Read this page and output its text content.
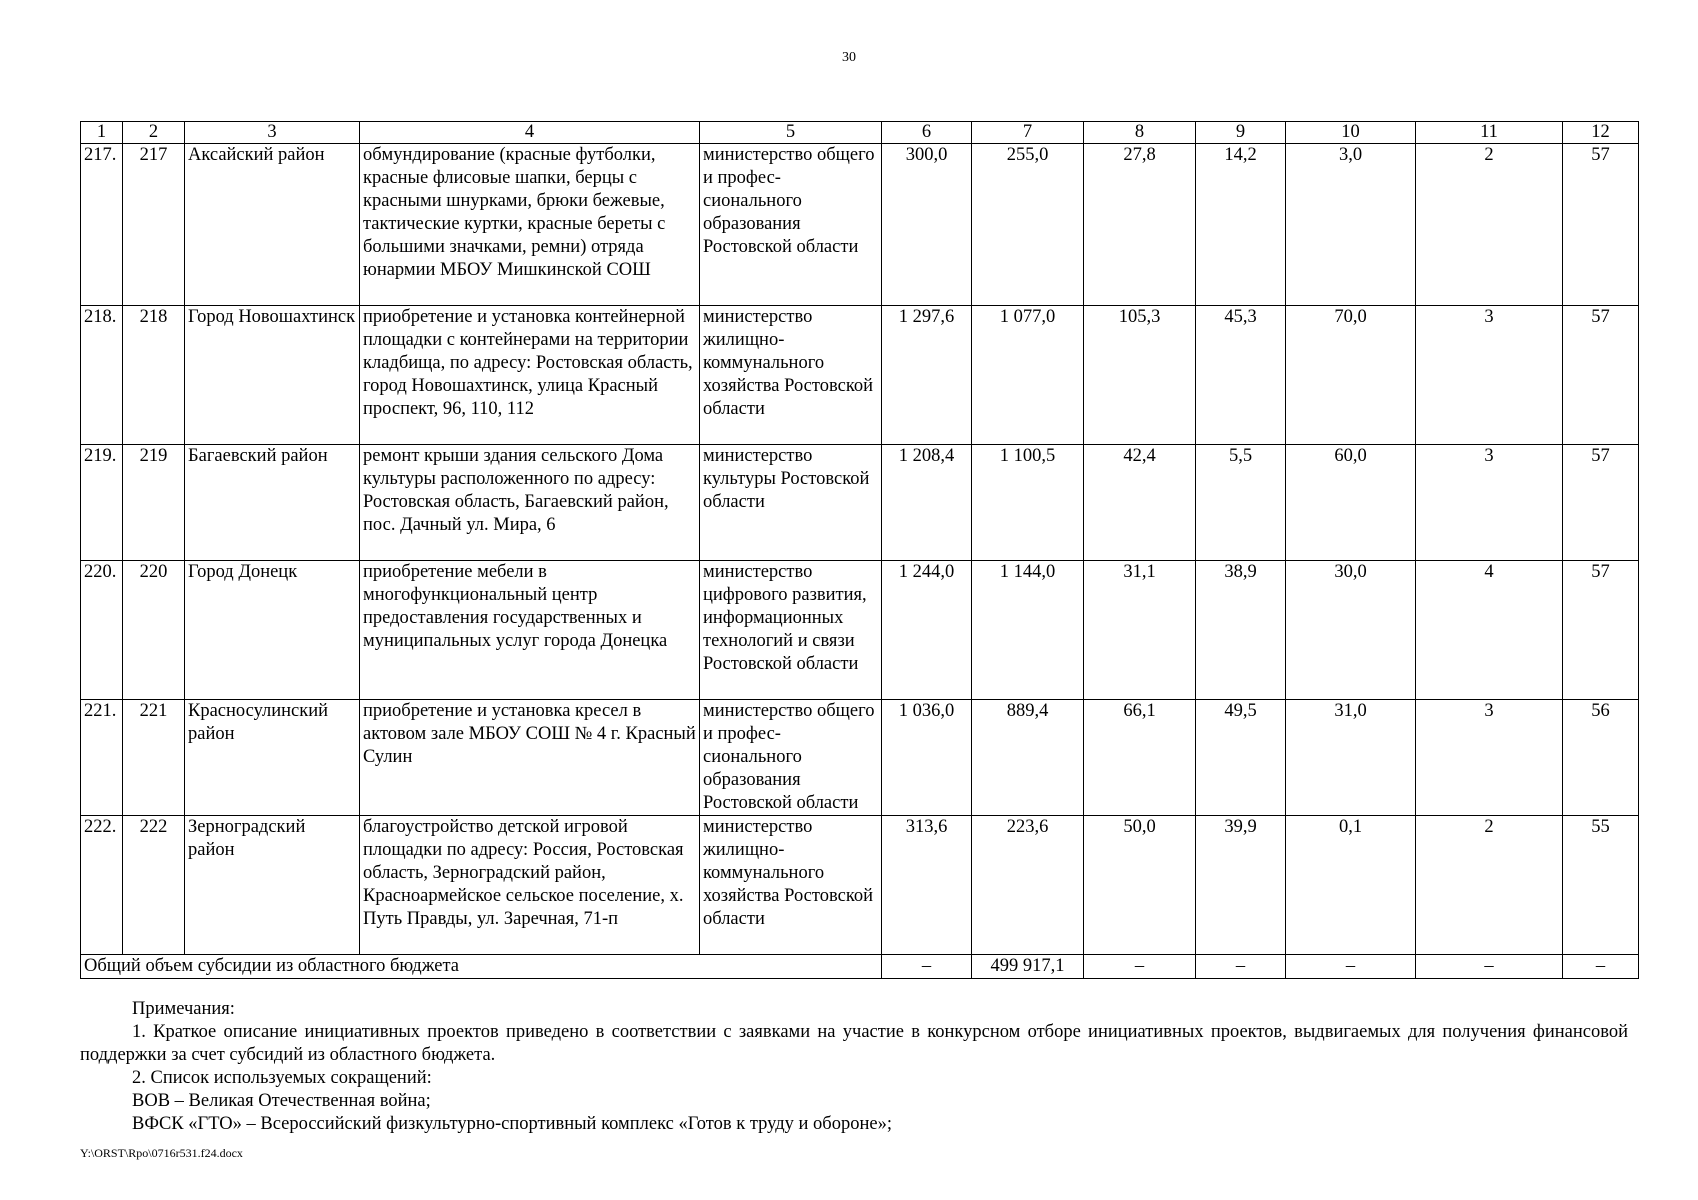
30
1	2	3	4	5	6	7	8	9	10	11	12
217.	217	Аксайский район	обмундирование (красные футболки, красные флисовые шапки, берцы с красными шнурками, брюки бежевые, тактические куртки, красные береты с большими значками, ремни) отряда юнармии МБОУ Мишкинской СОШ	министерство общего и профес-сионального образования Ростовской области	300,0	255,0	27,8	14,2	3,0	2	57
218.	218	Город Новошахтинск	приобретение и установка контейнерной площадки с контейнерами на территории кладбища, по адресу: Ростовская область, город Новошахтинск, улица Красный проспект, 96, 110, 112	министерство жилищно-коммунального хозяйства Ростовской области	1 297,6	1 077,0	105,3	45,3	70,0	3	57
219.	219	Багаевский район	ремонт крыши здания сельского Дома культуры расположенного по адресу: Ростовская область, Багаевский район, пос. Дачный ул. Мира, 6	министерство культуры Ростовской области	1 208,4	1 100,5	42,4	5,5	60,0	3	57
220.	220	Город Донецк	приобретение мебели в многофункциональный центр предоставления государственных и муниципальных услуг города Донецка	министерство цифрового развития, информационных технологий и связи Ростовской области	1 244,0	1 144,0	31,1	38,9	30,0	4	57
221.	221	Красносулинский район	приобретение и установка кресел в актовом зале МБОУ СОШ № 4 г. Красный Сулин	министерство общего и профес-сионального образования Ростовской области	1 036,0	889,4	66,1	49,5	31,0	3	56
222.	222	Зерноградский район	благоустройство детской игровой площадки по адресу: Россия, Ростовская область, Зерноградский район, Красноармейское сельское поселение, х. Путь Правды, ул. Заречная, 71-п	министерство жилищно-коммунального хозяйства Ростовской области	313,6	223,6	50,0	39,9	0,1	2	55
Общий объем субсидии из областного бюджета					–	499 917,1	–	–	–	–	–

Примечания:

1. Краткое описание инициативных проектов приведено в соответствии с заявками на участие в конкурсном отборе инициативных проектов, выдвигаемых для получения финансовой поддержки за счет субсидий из областного бюджета.

2. Список используемых сокращений:

ВОВ – Великая Отечественная война;

ВФСК «ГТО» – Всероссийский физкультурно-спортивный комплекс «Готов к труду и обороне»;

Y:\ORST\Rpo\0716r531.f24.docx
